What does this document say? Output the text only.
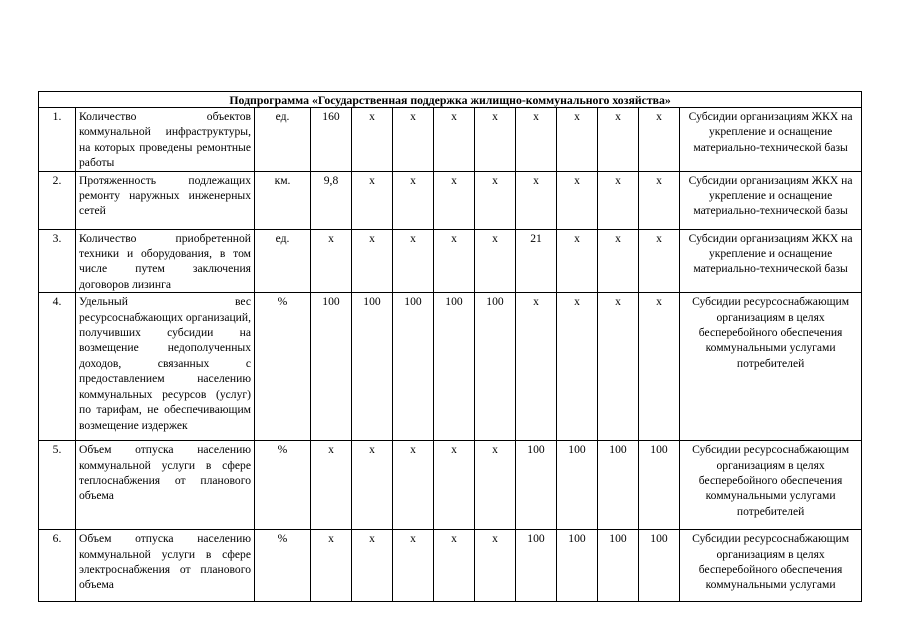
Подпрограмма «Государственная поддержка жилищно-коммунального хозяйства»												
1.	Количество объектов коммунальной инфраструктуры, на которых проведены ремонтные работы	ед.	160	х	х	х	х	х	х	х	х	Субсидии организациям ЖКХ на укрепление и оснащение материально-технической базы
2.	Протяженность подлежащих ремонту наружных инженерных сетей	км.	9,8	х	х	х	х	х	х	х	х	Субсидии организациям ЖКХ на укрепление и оснащение материально-технической базы
3.	Количество приобретенной техники и оборудования, в том числе путем заключения договоров лизинга	ед.	х	х	х	х	х	21	х	х	х	Субсидии организациям ЖКХ на укрепление и оснащение материально-технической базы
4.	Удельный вес ресурсоснабжающих организаций, получивших субсидии на возмещение недополученных доходов, связанных с предоставлением населению коммунальных ресурсов (услуг) по тарифам, не обеспечивающим возмещение издержек	%	100	100	100	100	100	х	х	х	х	Субсидии ресурсоснабжающим организациям в целях бесперебойного обеспечения коммунальными услугами потребителей
5.	Объем отпуска населению коммунальной услуги в сфере теплоснабжения от планового объема	%	х	х	х	х	х	100	100	100	100	Субсидии ресурсоснабжающим организациям в целях бесперебойного обеспечения коммунальными услугами потребителей
6.	Объем отпуска населению коммунальной услуги в сфере электроснабжения от планового объема	%	х	х	х	х	х	100	100	100	100	Субсидии ресурсоснабжающим организациям в целях бесперебойного обеспечения коммунальными услугами
